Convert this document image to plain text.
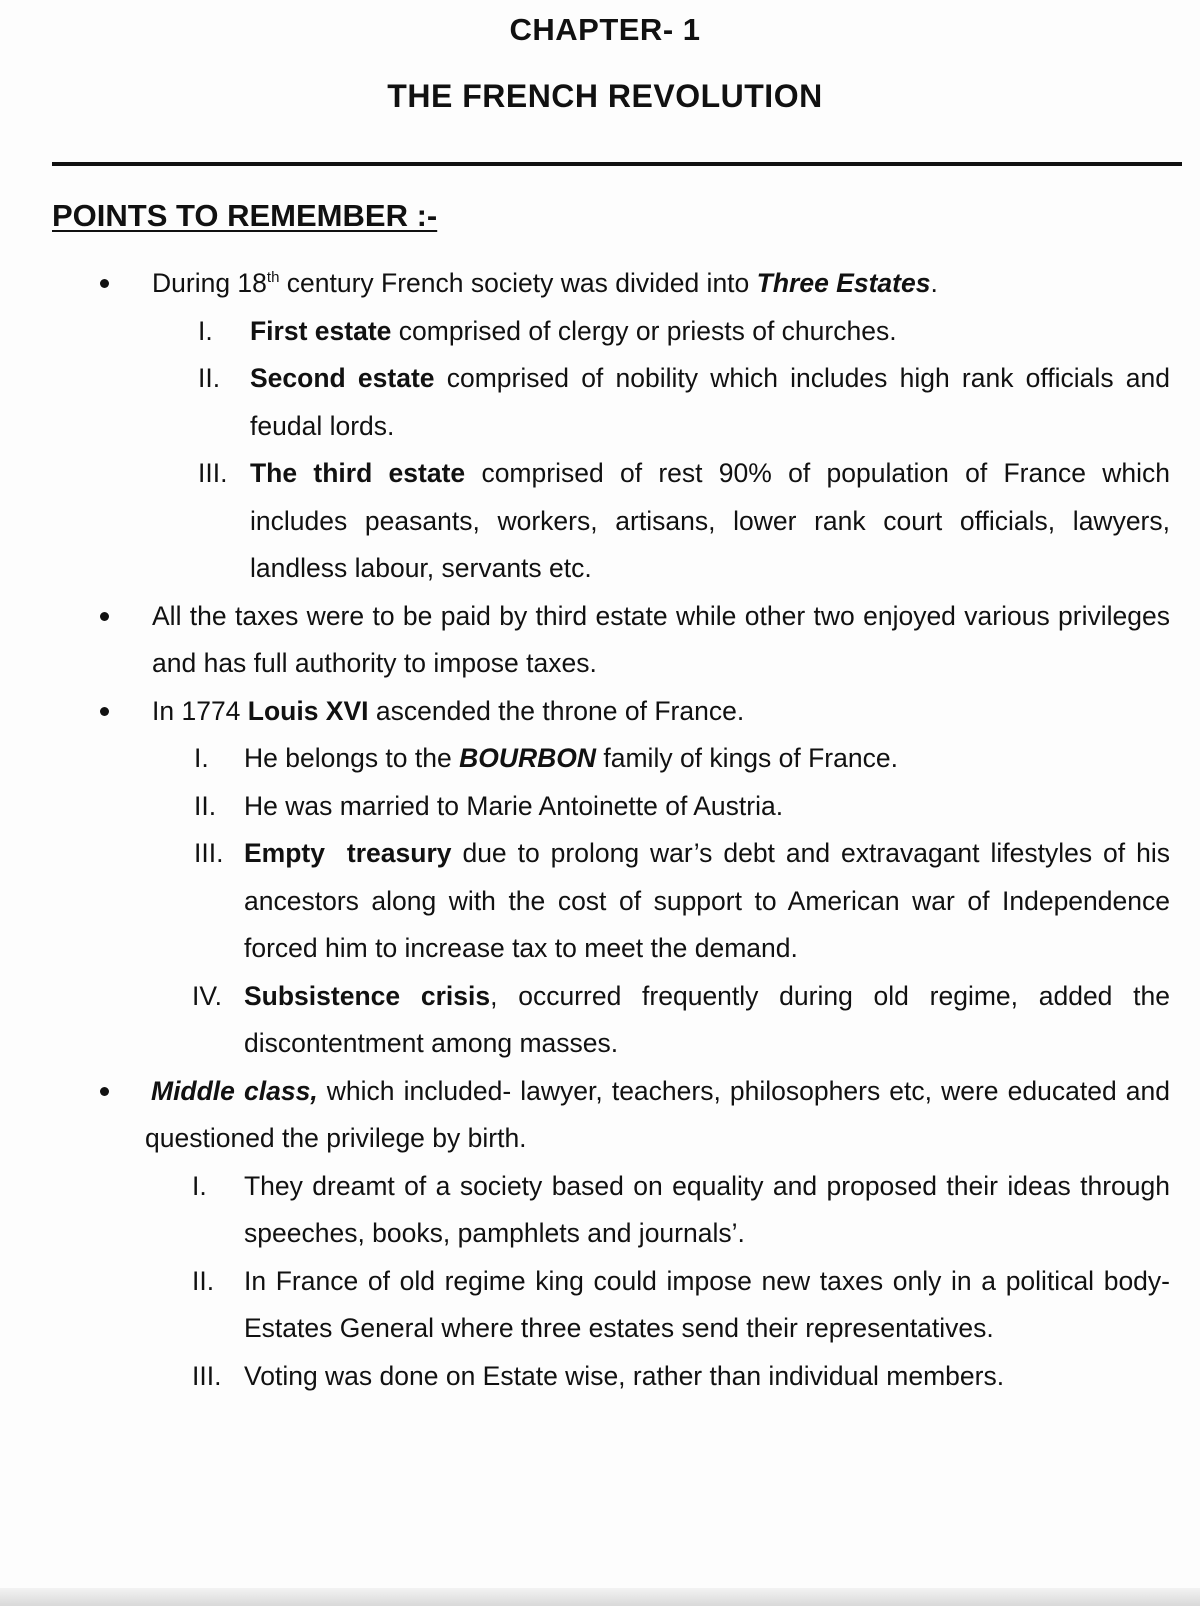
CHAPTER- 1
THE FRENCH REVOLUTION
POINTS TO REMEMBER :-
During 18th century French society was divided into Three Estates.
I. First estate comprised of clergy or priests of churches.
II. Second estate comprised of nobility which includes high rank officials and feudal lords.
III. The third estate comprised of rest 90% of population of France which includes peasants, workers, artisans, lower rank court officials, lawyers, landless labour, servants etc.
All the taxes were to be paid by third estate while other two enjoyed various privileges and has full authority to impose taxes.
In 1774 Louis XVI ascended the throne of France.
I. He belongs to the BOURBON family of kings of France.
II. He was married to Marie Antoinette of Austria.
III. Empty  treasury due to prolong war’s debt and extravagant lifestyles of his ancestors along with the cost of support to American war of Independence forced him to increase tax to meet the demand.
IV. Subsistence crisis, occurred frequently during old regime, added the discontentment among masses.
Middle class, which included- lawyer, teachers, philosophers etc, were educated and questioned the privilege by birth.
I. They dreamt of a society based on equality and proposed their ideas through speeches, books, pamphlets and journals’.
II. In France of old regime king could impose new taxes only in a political body- Estates General where three estates send their representatives.
III. Voting was done on Estate wise, rather than individual members.
